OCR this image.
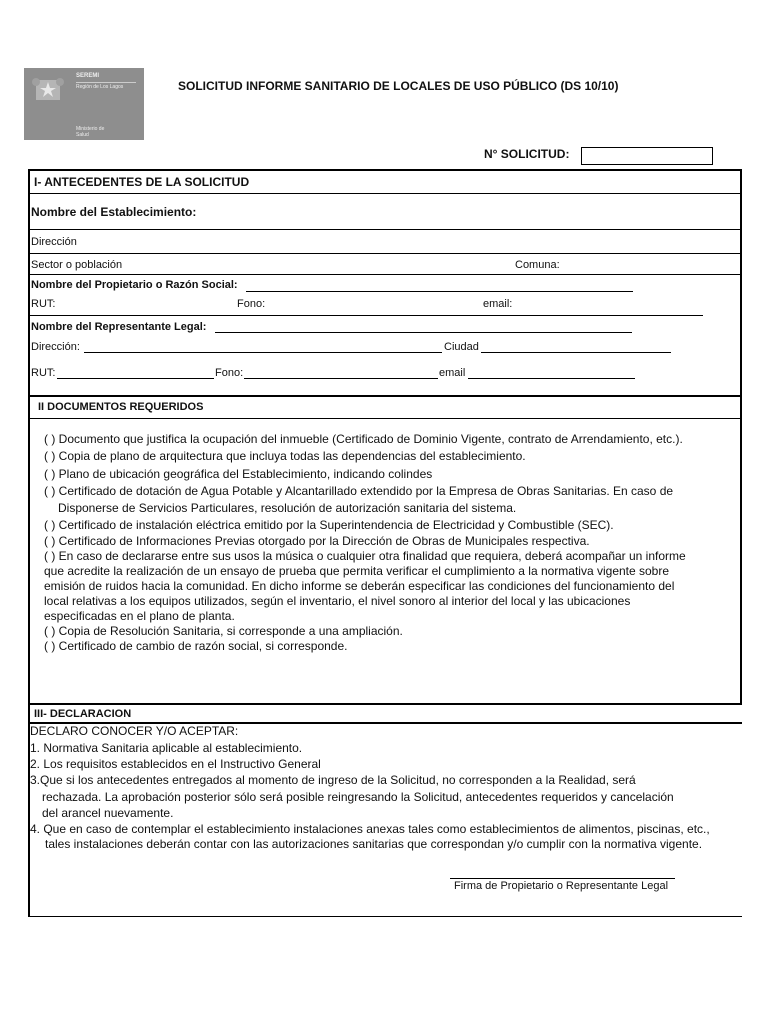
SEREMI
Región de Los Lagos
Ministerio de
Salud
SOLICITUD INFORME SANITARIO DE LOCALES DE USO PÚBLICO (DS 10/10)
N° SOLICITUD:
I- ANTECEDENTES DE LA SOLICITUD
Nombre del Establecimiento:
Dirección
Sector o población	Comuna:
Nombre del Propietario o Razón Social:
RUT:	Fono:	email:
Nombre del Representante Legal:
Dirección:	Ciudad
RUT:	Fono:	email
II DOCUMENTOS REQUERIDOS
( ) Documento que justifica la ocupación del inmueble (Certificado de Dominio Vigente, contrato de Arrendamiento, etc.).
( ) Copia de plano de arquitectura que incluya todas las dependencias del establecimiento.
( ) Plano de ubicación geográfica del Establecimiento, indicando colindes
( ) Certificado de dotación de Agua Potable y Alcantarillado extendido por la Empresa de Obras Sanitarias. En caso de
Disponerse de Servicios Particulares, resolución de autorización sanitaria del sistema.
( ) Certificado de instalación eléctrica emitido por la Superintendencia de Electricidad y Combustible (SEC).
( ) Certificado de Informaciones Previas otorgado por la Dirección de Obras de Municipales respectiva.
( ) En caso de declararse entre sus usos la música o cualquier otra finalidad que requiera, deberá acompañar un informe
que acredite la realización de un ensayo de prueba que permita verificar el cumplimiento a la normativa vigente sobre
emisión de ruidos hacia la comunidad. En dicho informe se deberán especificar las condiciones del funcionamiento del
local relativas a los equipos utilizados, según el inventario, el nivel sonoro al interior del local y las ubicaciones
especificadas en el plano de planta.
( ) Copia de Resolución Sanitaria, si corresponde a una ampliación.
( ) Certificado de cambio de razón social, si corresponde.
III- DECLARACION
DECLARO CONOCER Y/O ACEPTAR:
1. Normativa Sanitaria aplicable al establecimiento.
2. Los requisitos establecidos en el Instructivo General
3.Que si los antecedentes entregados al momento de ingreso de la Solicitud, no corresponden a la Realidad, será
rechazada. La aprobación posterior sólo será posible reingresando la Solicitud, antecedentes requeridos y cancelación
del arancel nuevamente.
4. Que en caso de contemplar el establecimiento instalaciones anexas tales como establecimientos de alimentos, piscinas, etc.,
tales instalaciones deberán contar con las autorizaciones sanitarias que correspondan y/o cumplir con la normativa vigente.
Firma de Propietario o Representante Legal
